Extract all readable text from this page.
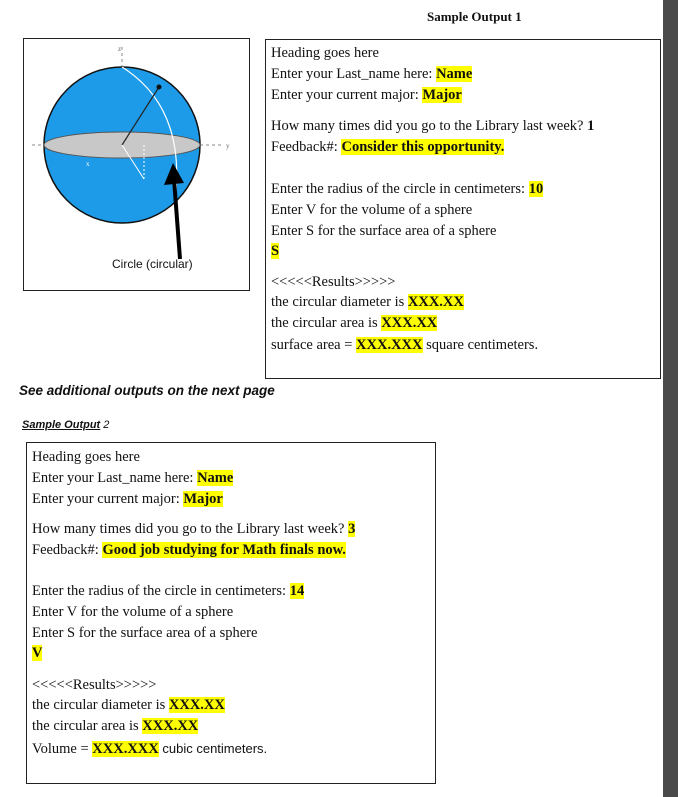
Sample Output 1
z
y
x
Circle (circular)
Heading goes here
Enter your Last_name here: Name
Enter your current major: Major
How many times did you go to the Library last week? 1
Feedback#: Consider this opportunity.
Enter the radius of the circle in centimeters: 10
Enter V for the volume of a sphere
Enter S for the surface area of a sphere
S
<<<<<Results>>>>>
the circular diameter is XXX.XX
the circular area is XXX.XX
surface area = XXX.XXX square centimeters.
See additional outputs on the next page
Sample Output 2
Heading goes here
Enter your Last_name here: Name
Enter your current major: Major
How many times did you go to the Library last week? 3
Feedback#: Good job studying for Math finals now.
Enter the radius of the circle in centimeters: 14
Enter V for the volume of a sphere
Enter S for the surface area of a sphere
V
<<<<<Results>>>>>
the circular diameter is XXX.XX
the circular area is XXX.XX
Volume = XXX.XXX cubic centimeters.
